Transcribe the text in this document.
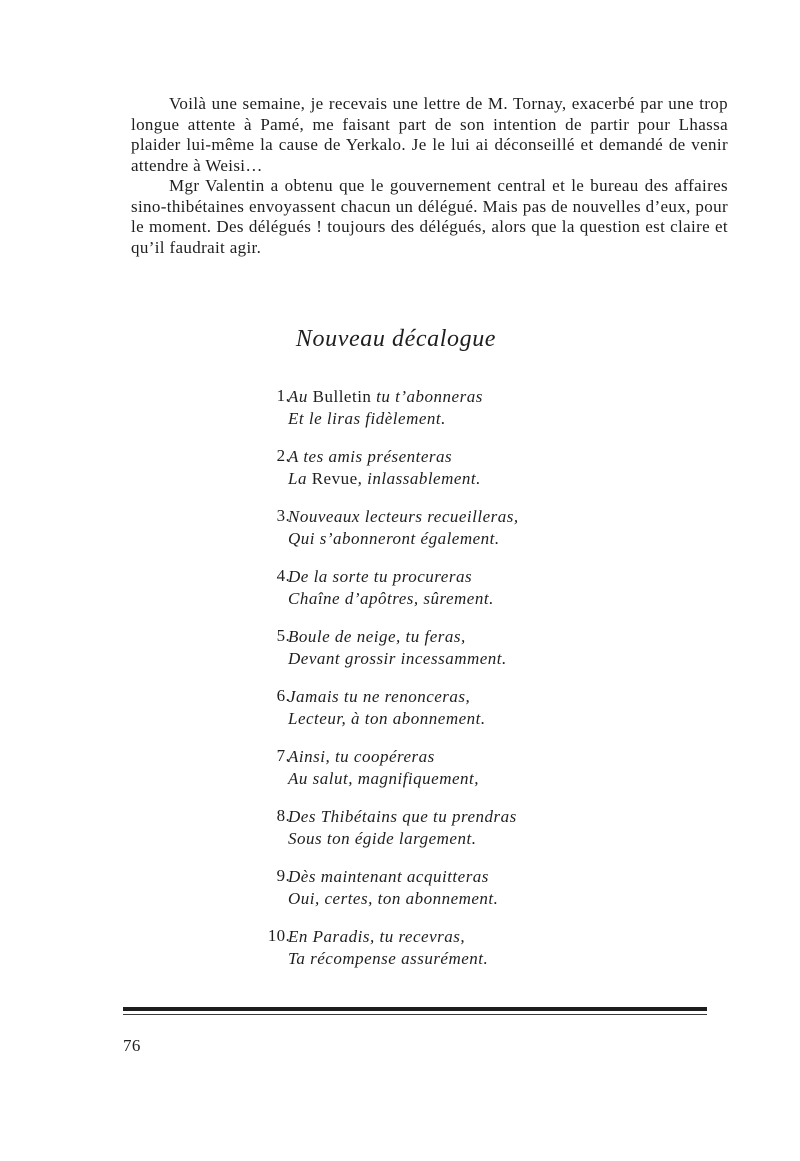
Voilà une semaine, je recevais une lettre de M. Tornay, exacerbé par une trop longue attente à Pamé, me faisant part de son intention de partir pour Lhassa plaider lui-même la cause de Yerkalo. Je le lui ai déconseillé et demandé de venir attendre à Weisi…

Mgr Valentin a obtenu que le gouvernement central et le bureau des affaires sino-thibétaines envoyassent chacun un délégué. Mais pas de nouvelles d’eux, pour le moment. Des délégués ! toujours des délégués, alors que la question est claire et qu’il faudrait agir.

Nouveau décalogue
1.
Au Bulletin tu t’abonneras
Et le liras fidèlement.
2.
A tes amis présenteras
La Revue, inlassablement.
3.
Nouveaux lecteurs recueilleras,
Qui s’abonneront également.
4.
De la sorte tu procureras
Chaîne d’apôtres, sûrement.
5.
Boule de neige, tu feras,
Devant grossir incessamment.
6.
Jamais tu ne renonceras,
Lecteur, à ton abonnement.
7.
Ainsi, tu coopéreras
Au salut, magnifiquement,
8.
Des Thibétains que tu prendras
Sous ton égide largement.
9.
Dès maintenant acquitteras
Oui, certes, ton abonnement.
10.
En Paradis, tu recevras,
Ta récompense assurément.
76
